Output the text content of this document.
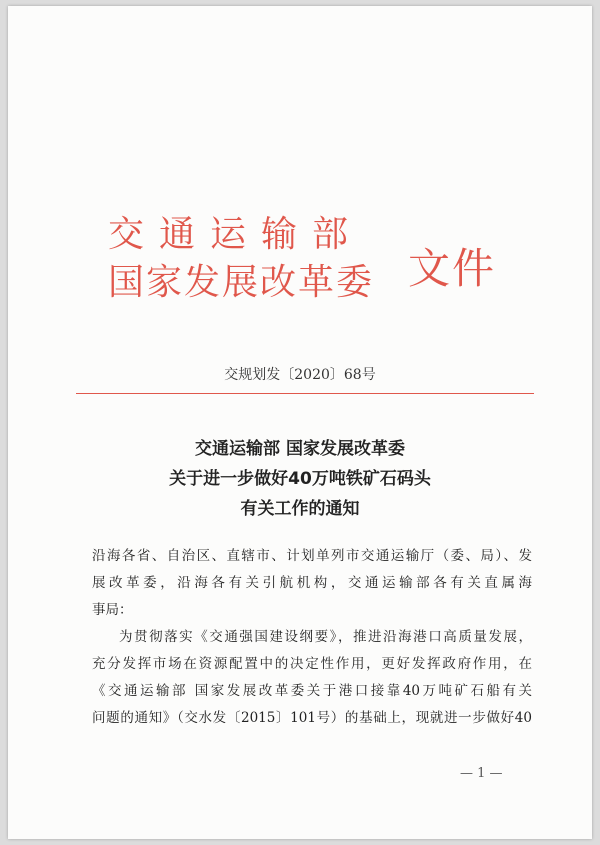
交通运输部
国家发展改革委 文件
交规划发〔2020〕68号
交通运输部 国家发展改革委
关于进一步做好40万吨铁矿石码头
有关工作的通知

沿海各省、自治区、直辖市、计划单列市交通运输厅（委、局）、发

展改革委，沿海各有关引航机构，交通运输部各有关直属海

事局：

为贯彻落实《交通强国建设纲要》，推进沿海港口高质量发展，

充分发挥市场在资源配置中的决定性作用，更好发挥政府作用，在

《交通运输部 国家发展改革委关于港口接靠40万吨矿石船有关

问题的通知》（交水发〔2015〕101号）的基础上，现就进一步做好40

— 1 —
